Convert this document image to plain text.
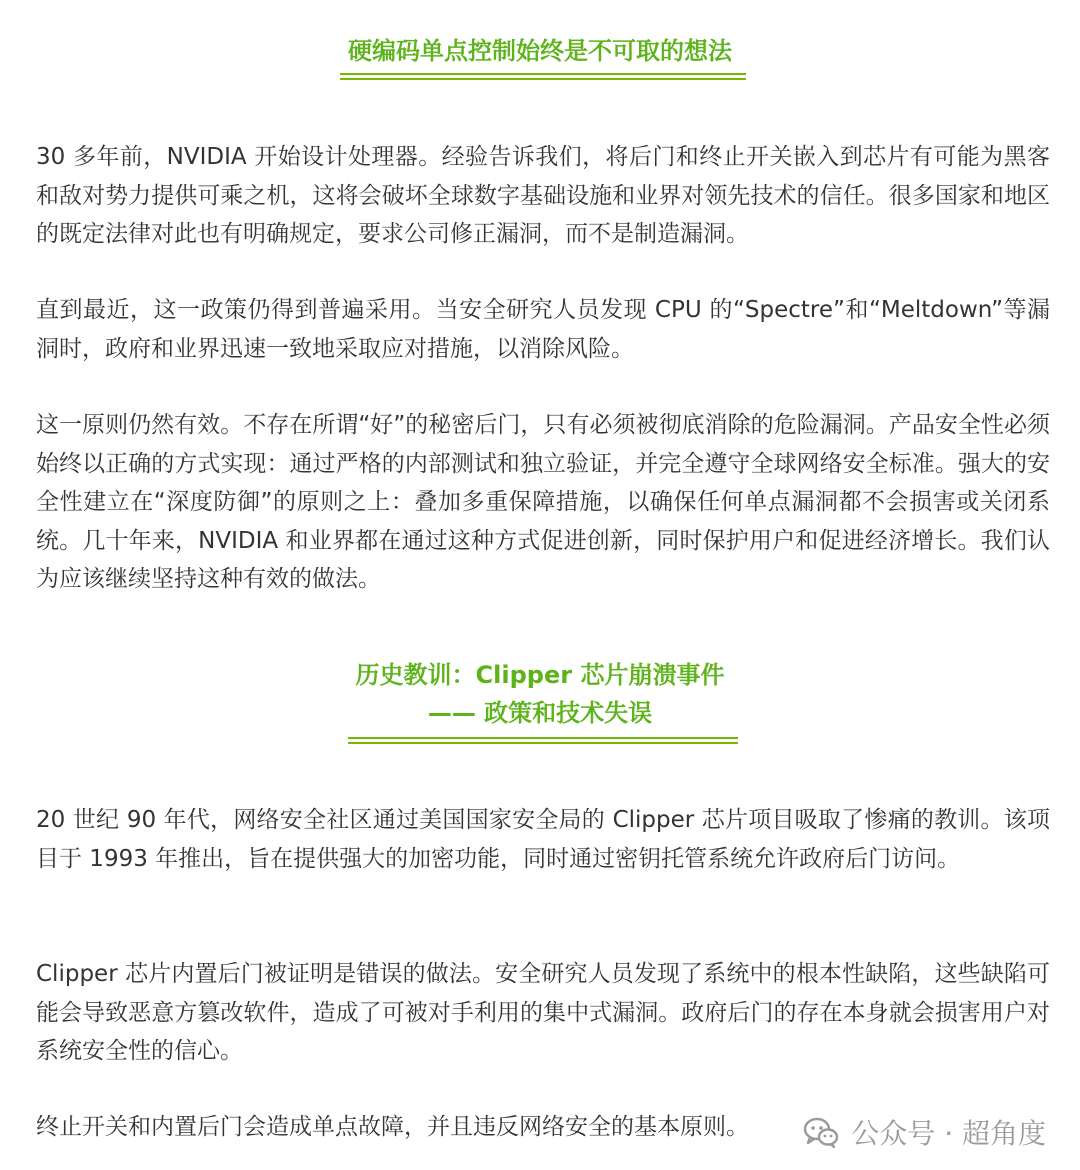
硬编码单点控制始终是不可取的想法

30 多年前，NVIDIA 开始设计处理器。经验告诉我们，将后门和终止开关嵌入到芯片有可能为黑客和敌对势力提供可乘之机，这将会破坏全球数字基础设施和业界对领先技术的信任。很多国家和地区的既定法律对此也有明确规定，要求公司修正漏洞，而不是制造漏洞。

直到最近，这一政策仍得到普遍采用。当安全研究人员发现 CPU 的“Spectre”和“Meltdown”等漏洞时，政府和业界迅速一致地采取应对措施，以消除风险。

这一原则仍然有效。不存在所谓“好”的秘密后门，只有必须被彻底消除的危险漏洞。产品安全性必须始终以正确的方式实现：通过严格的内部测试和独立验证，并完全遵守全球网络安全标准。强大的安全性建立在“深度防御”的原则之上：叠加多重保障措施，以确保任何单点漏洞都不会损害或关闭系统。几十年来，NVIDIA 和业界都在通过这种方式促进创新，同时保护用户和促进经济增长。我们认为应该继续坚持这种有效的做法。

历史教训：Clipper 芯片崩溃事件
—— 政策和技术失误

20 世纪 90 年代，网络安全社区通过美国国家安全局的 Clipper 芯片项目吸取了惨痛的教训。该项目于 1993 年推出，旨在提供强大的加密功能，同时通过密钥托管系统允许政府后门访问。

Clipper 芯片内置后门被证明是错误的做法。安全研究人员发现了系统中的根本性缺陷，这些缺陷可能会导致恶意方篡改软件，造成了可被对手利用的集中式漏洞。政府后门的存在本身就会损害用户对系统安全性的信心。

终止开关和内置后门会造成单点故障，并且违反网络安全的基本原则。	公众号 · 超角度
